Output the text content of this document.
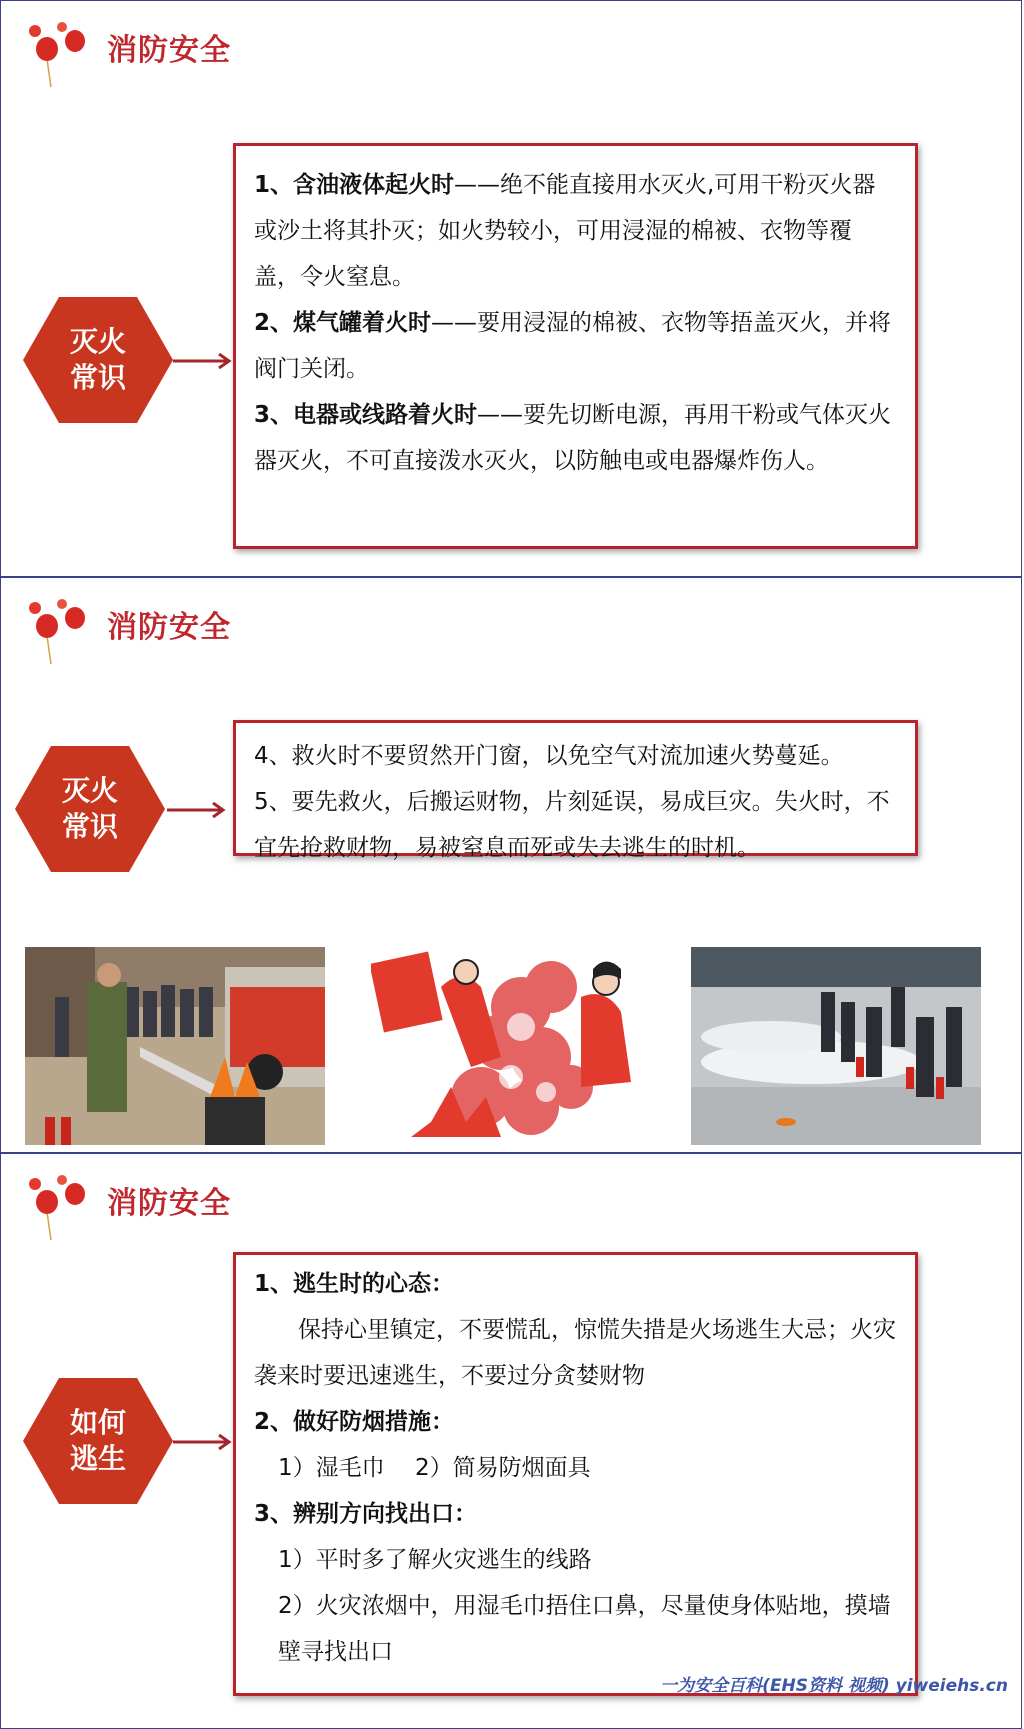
消防安全
灭火
常识

1、含油液体起火时——绝不能直接用水灭火,可用干粉灭火器或沙土将其扑灭；如火势较小，可用浸湿的棉被、衣物等覆盖，令火窒息。

2、煤气罐着火时——要用浸湿的棉被、衣物等捂盖灭火，并将阀门关闭。

3、电器或线路着火时——要先切断电源，再用干粉或气体灭火器灭火，不可直接泼水灭火，以防触电或电器爆炸伤人。

消防安全
灭火
常识

4、救火时不要贸然开门窗，以免空气对流加速火势蔓延。

5、要先救火，后搬运财物，片刻延误，易成巨灾。失火时，不宜先抢救财物，易被窒息而死或失去逃生的时机。

消防安全
如何
逃生

1、逃生时的心态：

保持心里镇定，不要慌乱，惊慌失措是火场逃生大忌；火灾袭来时要迅速逃生，不要过分贪婪财物

2、做好防烟措施：

1）湿毛巾　 2）简易防烟面具

3、辨别方向找出口：

1）平时多了解火灾逃生的线路

2）火灾浓烟中，用湿毛巾捂住口鼻，尽量使身体贴地，摸墙壁寻找出口

一为安全百科(EHS资料 视频) yiweiehs.cn
